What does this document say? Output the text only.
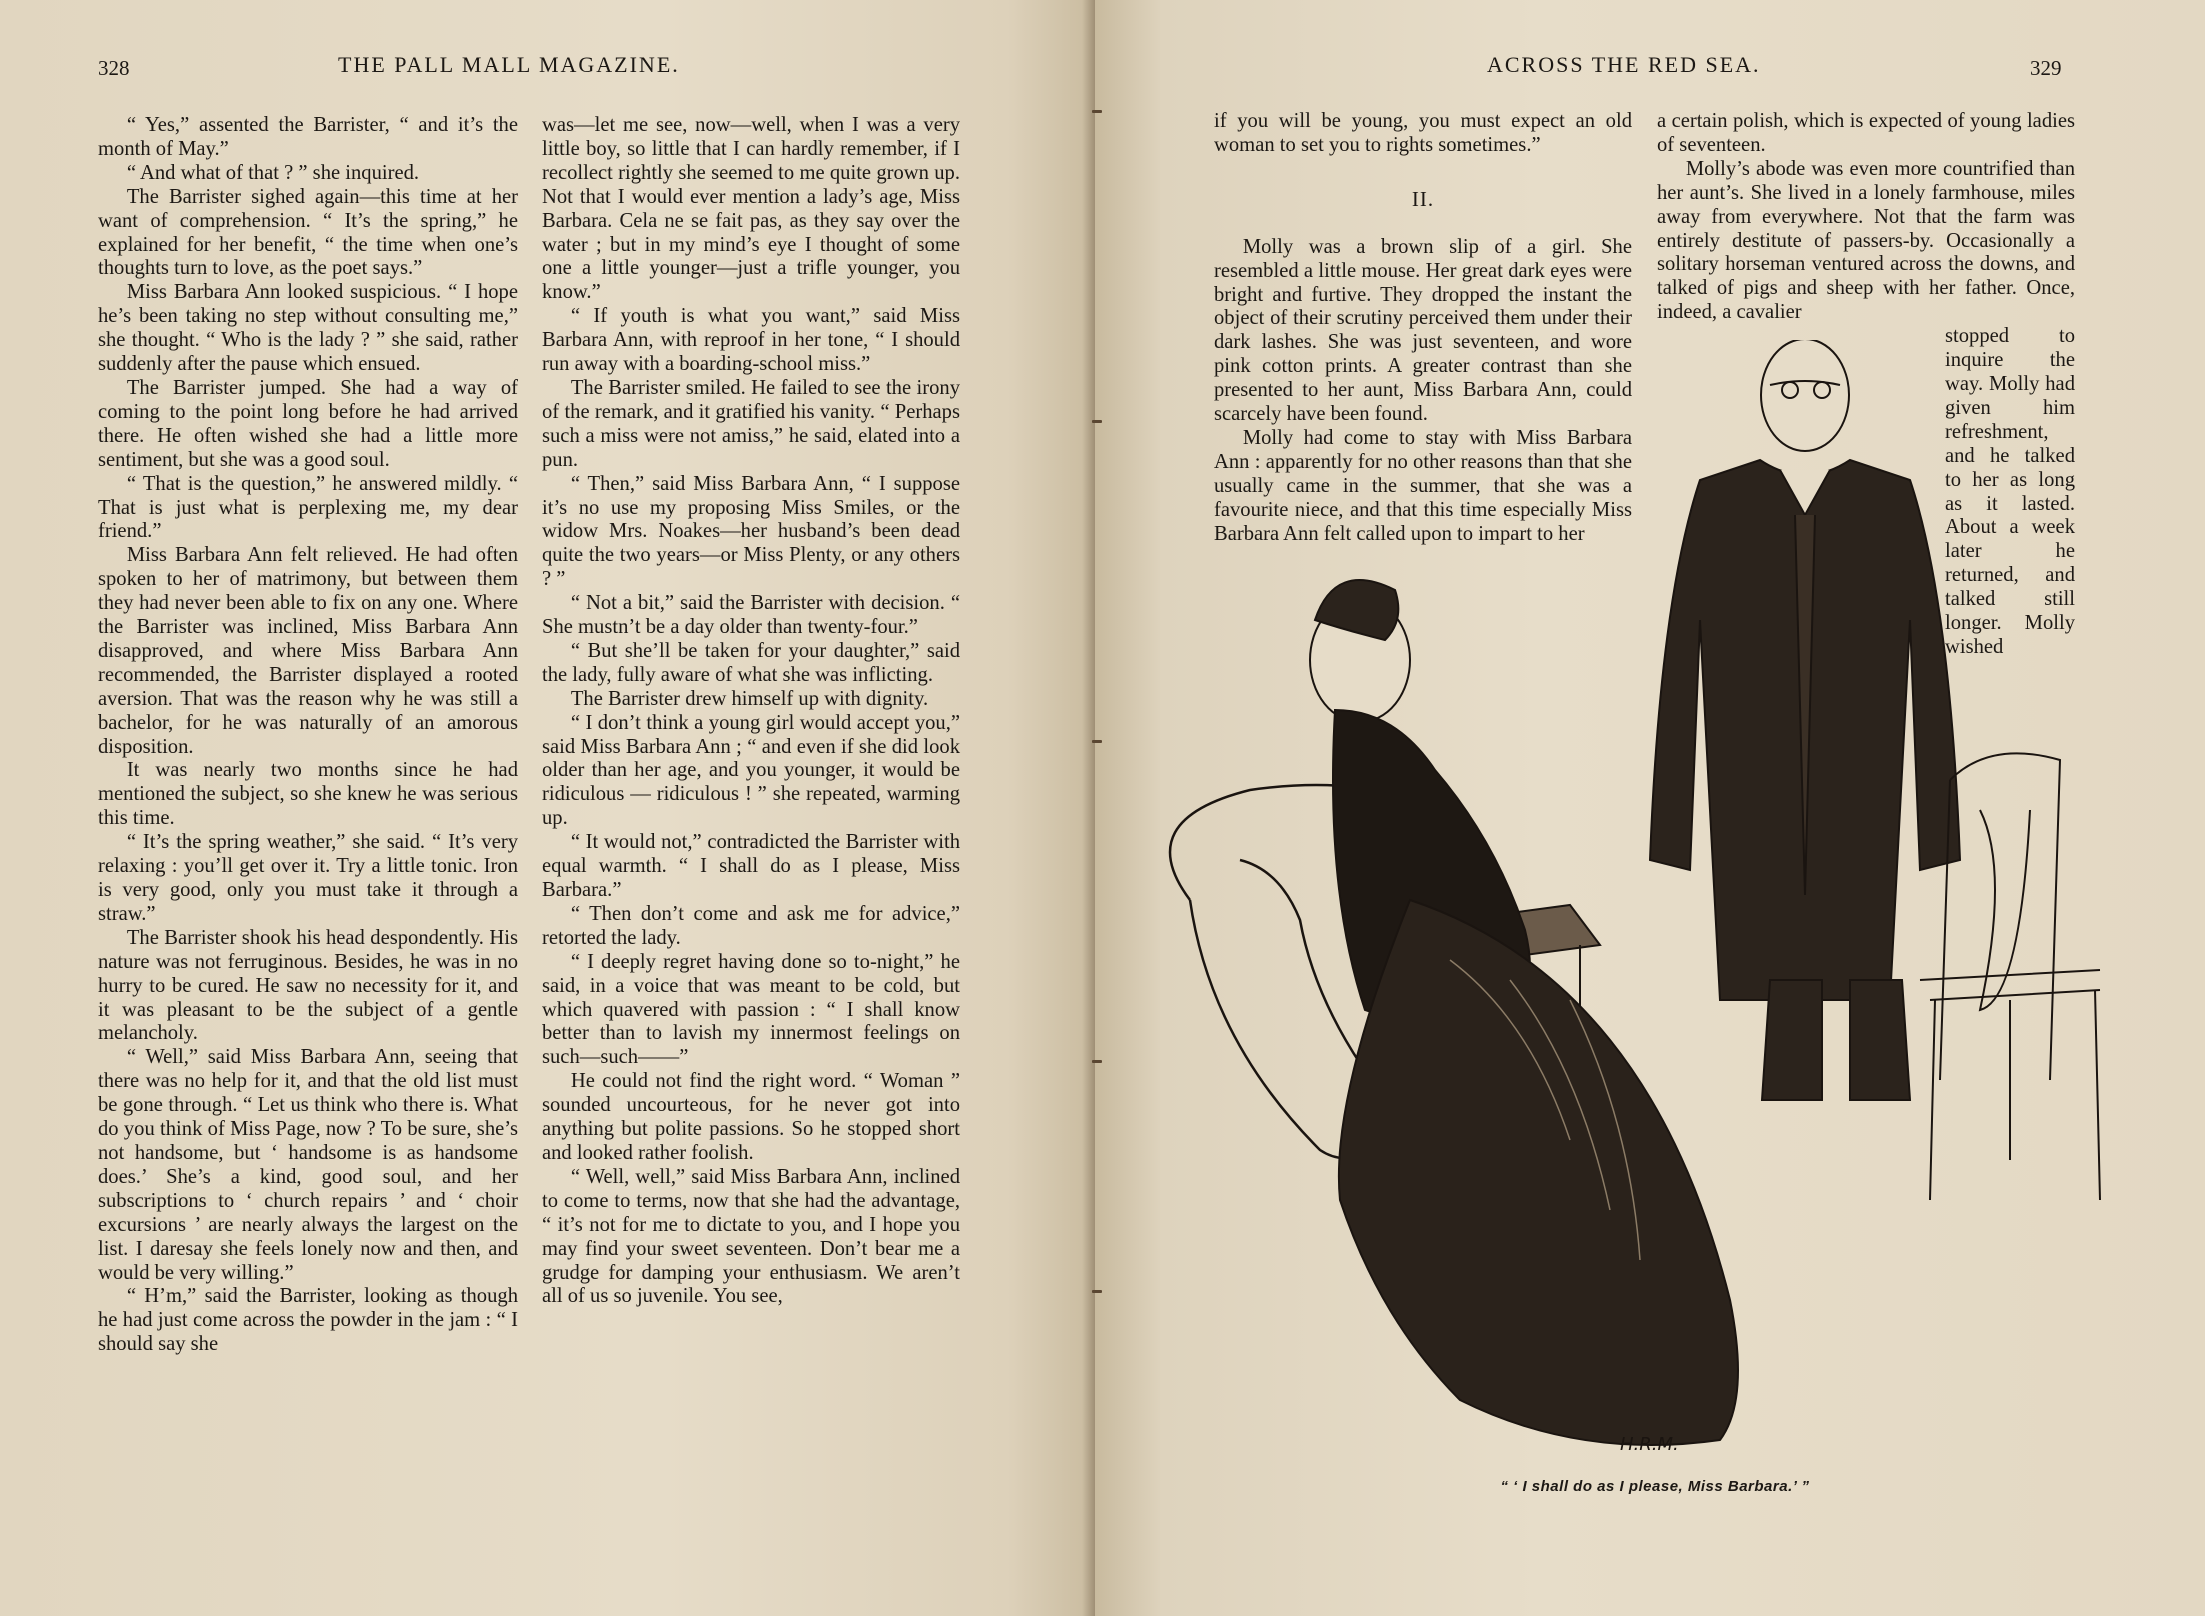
328	THE PALL MALL MAGAZINE.

“ Yes,” assented the Barrister, “ and it’s the month of May.”

“ And what of that ? ” she inquired.

The Barrister sighed again—this time at her want of comprehension. “ It’s the spring,” he explained for her benefit, “ the time when one’s thoughts turn to love, as the poet says.”

Miss Barbara Ann looked suspicious. “ I hope he’s been taking no step without consulting me,” she thought. “ Who is the lady ? ” she said, rather suddenly after the pause which ensued.

The Barrister jumped. She had a way of coming to the point long before he had arrived there. He often wished she had a little more sentiment, but she was a good soul.

“ That is the question,” he answered mildly. “ That is just what is perplexing me, my dear friend.”

Miss Barbara Ann felt relieved. He had often spoken to her of matrimony, but between them they had never been able to fix on any one. Where the Barrister was inclined, Miss Barbara Ann disapproved, and where Miss Barbara Ann recommended, the Barrister displayed a rooted aversion. That was the reason why he was still a bachelor, for he was naturally of an amorous disposition.

It was nearly two months since he had mentioned the subject, so she knew he was serious this time.

“ It’s the spring weather,” she said. “ It’s very relaxing : you’ll get over it. Try a little tonic. Iron is very good, only you must take it through a straw.”

The Barrister shook his head despondently. His nature was not ferruginous. Besides, he was in no hurry to be cured. He saw no necessity for it, and it was pleasant to be the subject of a gentle melancholy.

“ Well,” said Miss Barbara Ann, seeing that there was no help for it, and that the old list must be gone through. “ Let us think who there is. What do you think of Miss Page, now ? To be sure, she’s not handsome, but ‘ handsome is as handsome does.’ She’s a kind, good soul, and her subscriptions to ‘ church repairs ’ and ‘ choir excursions ’ are nearly always the largest on the list. I daresay she feels lonely now and then, and would be very willing.”

“ H’m,” said the Barrister, looking as though he had just come across the powder in the jam : “ I should say she

was—let me see, now—well, when I was a very little boy, so little that I can hardly remember, if I recollect rightly she seemed to me quite grown up. Not that I would ever mention a lady’s age, Miss Barbara. Cela ne se fait pas, as they say over the water ; but in my mind’s eye I thought of some one a little younger—just a trifle younger, you know.”

“ If youth is what you want,” said Miss Barbara Ann, with reproof in her tone, “ I should run away with a boarding-school miss.”

The Barrister smiled. He failed to see the irony of the remark, and it gratified his vanity. “ Perhaps such a miss were not amiss,” he said, elated into a pun.

“ Then,” said Miss Barbara Ann, “ I suppose it’s no use my proposing Miss Smiles, or the widow Mrs. Noakes—her husband’s been dead quite the two years—or Miss Plenty, or any others ? ”

“ Not a bit,” said the Barrister with decision. “ She mustn’t be a day older than twenty-four.”

“ But she’ll be taken for your daughter,” said the lady, fully aware of what she was inflicting.

The Barrister drew himself up with dignity.

“ I don’t think a young girl would accept you,” said Miss Barbara Ann ; “ and even if she did look older than her age, and you younger, it would be ridiculous — ridiculous ! ” she repeated, warming up.

“ It would not,” contradicted the Barrister with equal warmth. “ I shall do as I please, Miss Barbara.”

“ Then don’t come and ask me for advice,” retorted the lady.

“ I deeply regret having done so to-night,” he said, in a voice that was meant to be cold, but which quavered with passion : “ I shall know better than to lavish my innermost feelings on such—such——”

He could not find the right word. “ Woman ” sounded uncourteous, for he never got into anything but polite passions. So he stopped short and looked rather foolish.

“ Well, well,” said Miss Barbara Ann, inclined to come to terms, now that she had the advantage, “ it’s not for me to dictate to you, and I hope you may find your sweet seventeen. Don’t bear me a grudge for damping your enthusiasm. We aren’t all of us so juvenile. You see,

ACROSS THE RED SEA.	329

if you will be young, you must expect an old woman to set you to rights sometimes.”

II.

Molly was a brown slip of a girl. She resembled a little mouse. Her great dark eyes were bright and furtive. They dropped the instant the object of their scrutiny perceived them under their dark lashes. She was just seventeen, and wore pink cotton prints. A greater contrast than she presented to her aunt, Miss Barbara Ann, could scarcely have been found.

Molly had come to stay with Miss Barbara Ann : apparently for no other reasons than that she usually came in the summer, that she was a favourite niece, and that this time especially Miss Barbara Ann felt called upon to impart to her

a certain polish, which is expected of young ladies of seventeen.

Molly’s abode was even more countrified than her aunt’s. She lived in a lonely farmhouse, miles away from everywhere. Not that the farm was entirely destitute of passers-by. Occasionally a solitary horseman ventured across the downs, and talked of pigs and sheep with her father. Once, indeed, a cavalier

stopped to inquire the way. Molly had given him refreshment, and he talked to her as long as it lasted. About a week later he returned, and talked still longer. Molly wished
H.R.M.
“ ‘ I shall do as I please, Miss Barbara.’ ”
